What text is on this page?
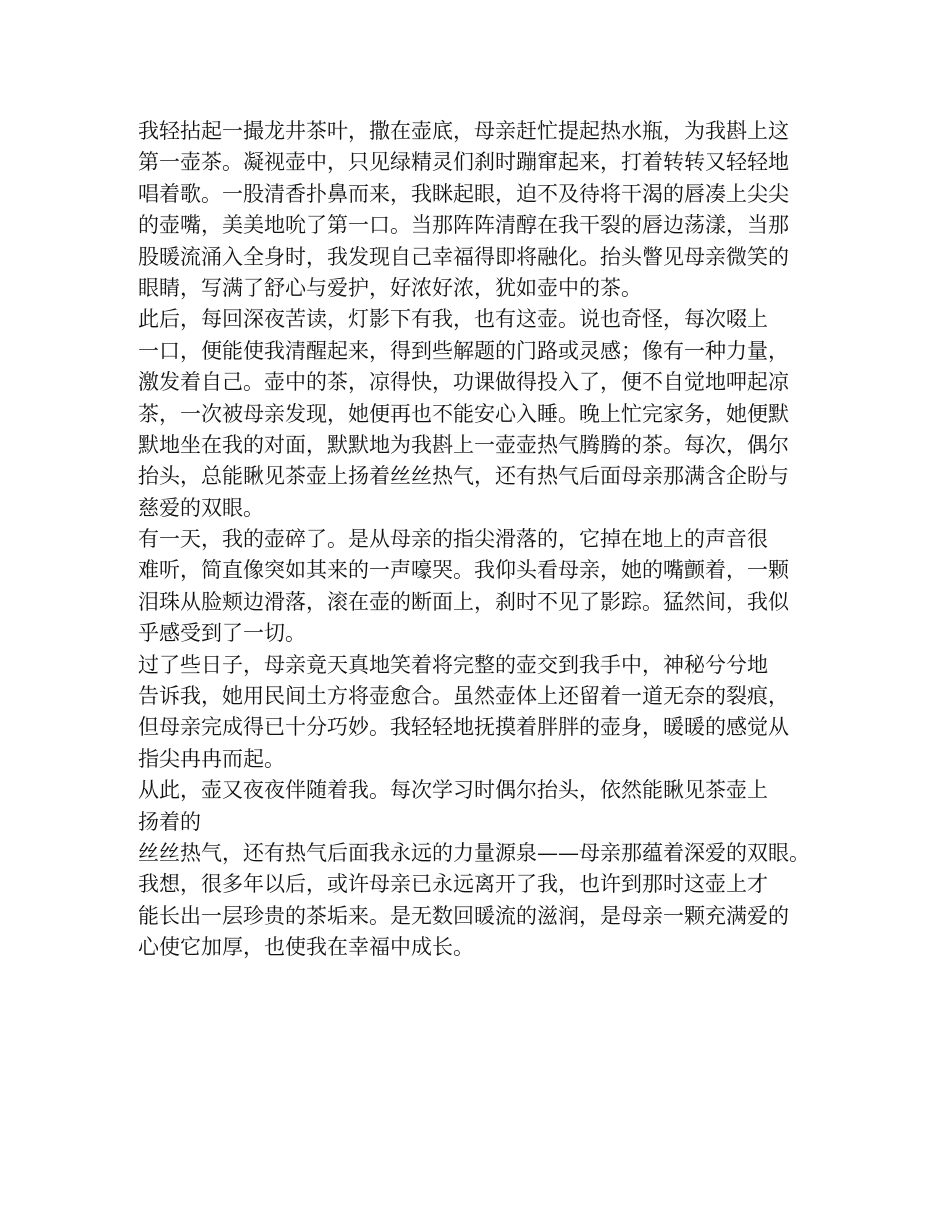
我轻拈起一撮龙井茶叶，撒在壶底，母亲赶忙提起热水瓶，为我斟上这
第一壶茶。凝视壶中，只见绿精灵们刹时蹦窜起来，打着转转又轻轻地
唱着歌。一股清香扑鼻而来，我眯起眼，迫不及待将干渴的唇凑上尖尖
的壶嘴，美美地吮了第一口。当那阵阵清醇在我干裂的唇边荡漾，当那
股暖流涌入全身时，我发现自己幸福得即将融化。抬头瞥见母亲微笑的
眼睛，写满了舒心与爱护，好浓好浓，犹如壶中的茶。
此后，每回深夜苦读，灯影下有我，也有这壶。说也奇怪，每次啜上
一口，便能使我清醒起来，得到些解题的门路或灵感；像有一种力量，
激发着自己。壶中的茶，凉得快，功课做得投入了，便不自觉地呷起凉
茶，一次被母亲发现，她便再也不能安心入睡。晚上忙完家务，她便默
默地坐在我的对面，默默地为我斟上一壶壶热气腾腾的茶。每次，偶尔
抬头，总能瞅见茶壶上扬着丝丝热气，还有热气后面母亲那满含企盼与
慈爱的双眼。
有一天，我的壶碎了。是从母亲的指尖滑落的，它掉在地上的声音很
难听，简直像突如其来的一声嚎哭。我仰头看母亲，她的嘴颤着，一颗
泪珠从脸颊边滑落，滚在壶的断面上，刹时不见了影踪。猛然间，我似
乎感受到了一切。
过了些日子，母亲竟天真地笑着将完整的壶交到我手中，神秘兮兮地
告诉我，她用民间土方将壶愈合。虽然壶体上还留着一道无奈的裂痕，
但母亲完成得已十分巧妙。我轻轻地抚摸着胖胖的壶身，暖暖的感觉从
指尖冉冉而起。
从此，壶又夜夜伴随着我。每次学习时偶尔抬头，依然能瞅见茶壶上
扬着的
丝丝热气，还有热气后面我永远的力量源泉——母亲那蕴着深爱的双眼。
我想，很多年以后，或许母亲已永远离开了我，也许到那时这壶上才
能长出一层珍贵的茶垢来。是无数回暖流的滋润，是母亲一颗充满爱的
心使它加厚，也使我在幸福中成长。
